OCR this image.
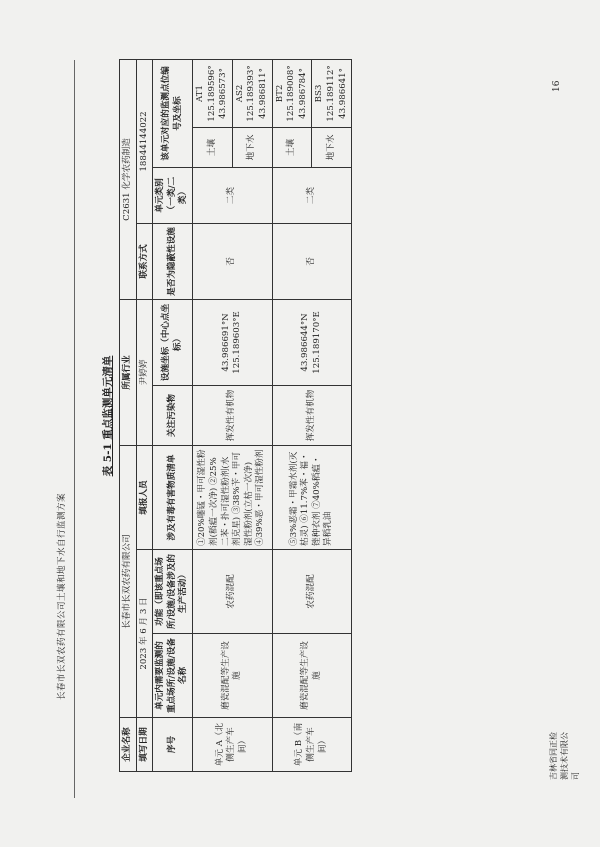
长春市长双农药有限公司土壤和地下水自行监测方案
16
吉林省同正检测技术有限公司
表 5-1 重点监测单元清单
企业名称	长春市长双农药有限公司			所属行业		C2631 化学农药制造			
填写日期	2023 年 6 月 3 日		填报人员	尹婷婷		联系方式	18844144022		
序号	单元内需要监测的重点场所/设施/设备名称	功能（即该重点场所/设施/设备涉及的生产活动）	涉及有毒有害物质清单	关注污染物	设施坐标（中心点坐标）	是否为隐蔽性设施	单元类别（一类/二类）	该单元对应的监测点位编号及坐标	
单元 A（北侧生产车间）	磨瓷混配等生产设施	农药混配	①20%噻锰・甲可湿性粉剂(稻瘟一次净) ②25%二苯・扑可湿性粉剂(水剂克星) ③38%苄・甲可湿性粉剂(立枯一次净) ④39%恶・甲可湿性粉剂	挥发性有机物	43.986691°N 125.189603°E	否	二类	土壤	AT1 125.189596° 43.986573°
								地下水	AS2 125.189393° 43.986811°
单元 B（南侧生产车间）	磨瓷混配等生产设施	农药混配	⑤3%恶霜・甲霜水剂(灭枯灵) ⑥11.7%苯・福・锉种衣剂 ⑦40%稻瘟・异稻乳油	挥发性有机物	43.986644°N 125.189170°E	否	二类	土壤	BT2 125.189008° 43.986784°
								地下水	BS3 125.189112° 43.986641°
